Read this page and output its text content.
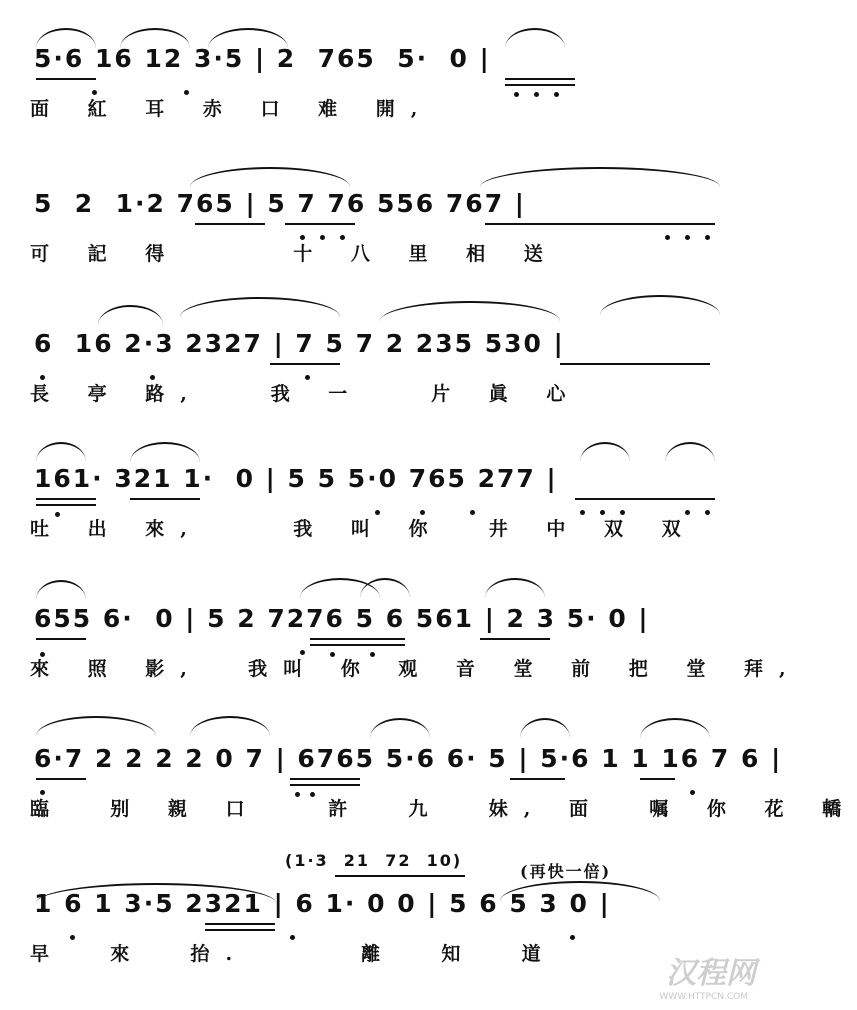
5·6 16 12 3·5 | 2  765  5·  0 |
面 紅 耳 赤 口 难 開,
5  2  1·2 765 | 5 7 76 556 767 |
可 記 得     十 八 里 相 送
6  16 2·3 2327 | 7 5 7 2 235 530 |
長 亭 路,   我 一   片 眞 心
161· 321 1·  0 | 5 5 5·0 765 277 |
吐 出 來,    我 叫 你  井 中 双 双
655 6·  0 | 5 2 7276 5 6 561 | 2 3 5· 0 |
來 照 影,  我叫 你 观 音 堂 前 把 堂 拜,
6·7 2 2 2 2 0 7 | 6765 5·6 6· 5 | 5·6 1 1 16 7 6 |
臨  别 親 口   許  九  妹, 面  嘱 你 花 轎
(1·3  21  72  10)
(再快一倍)
1 6 1 3·5 2321 | 6 1· 0 0 | 5 6 5 3 0 |
早  來  抬.     離  知  道
汉程网
WWW.HTTPCN.COM
